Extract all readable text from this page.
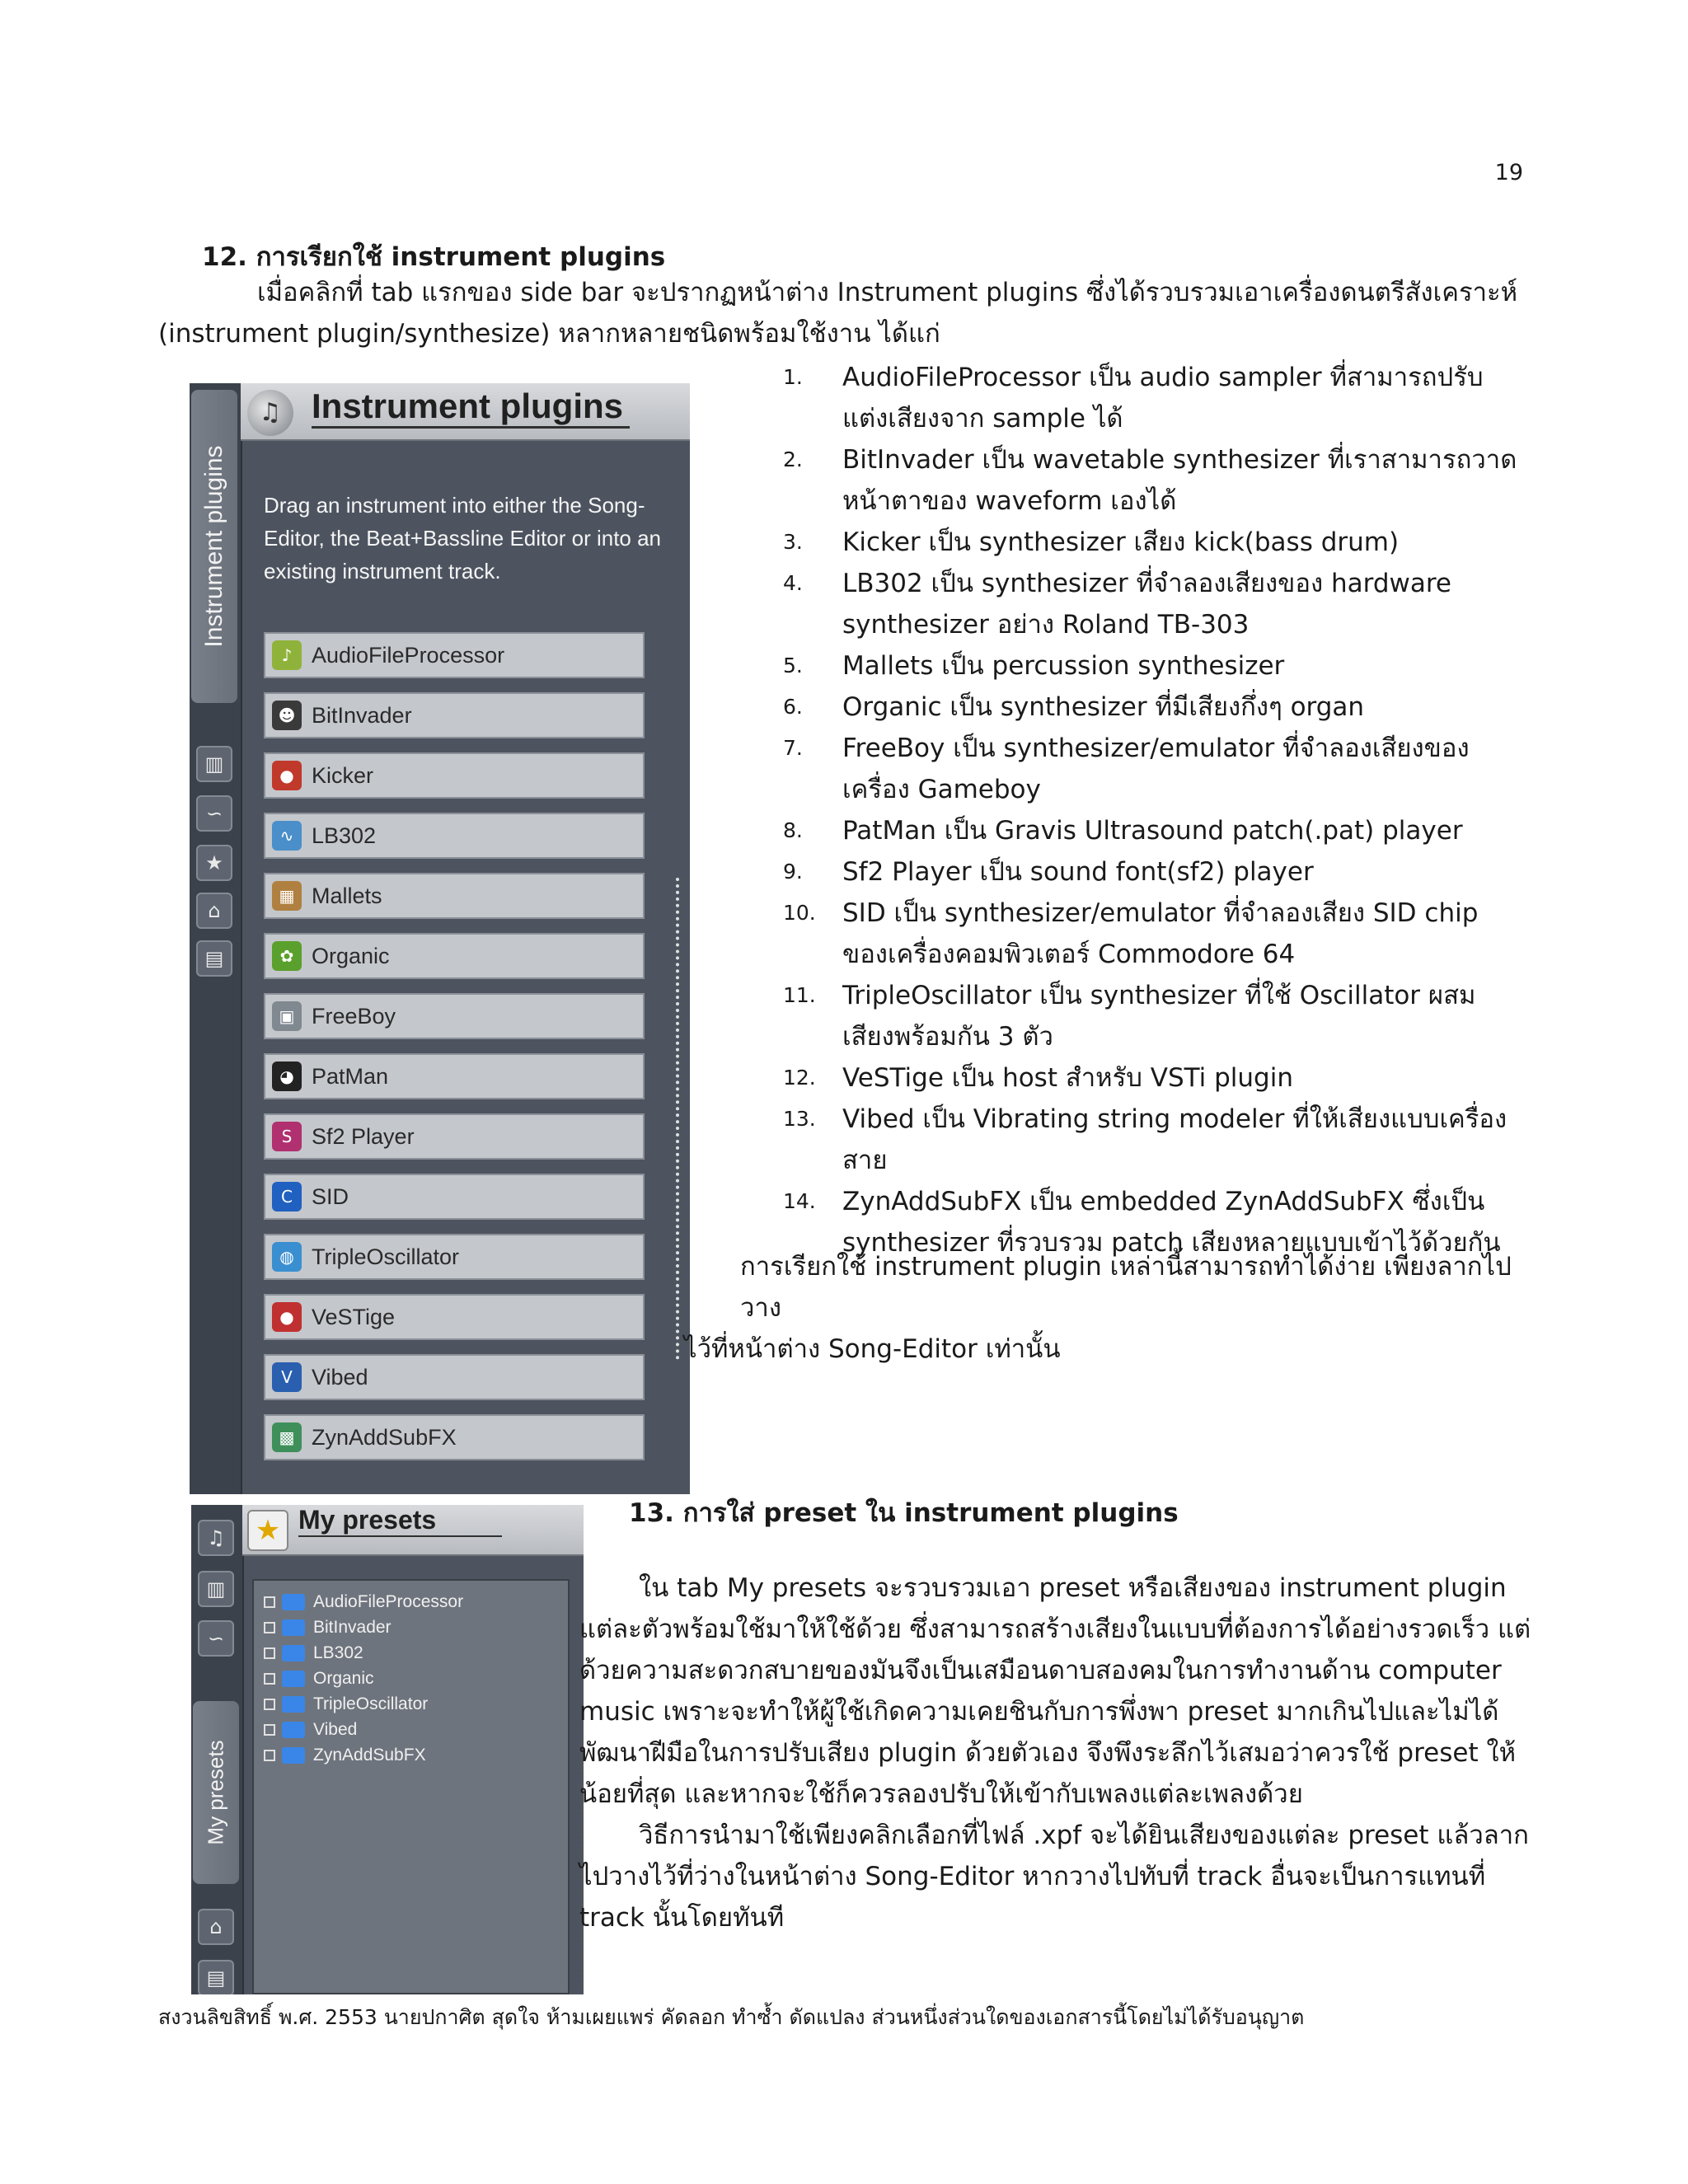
19
12. การเรียกใช้ instrument plugins

เมื่อคลิกที่ tab แรกของ side bar จะปรากฏหน้าต่าง Instrument plugins ซึ่งได้รวบรวมเอาเครื่องดนตรีสังเคราะห์

(instrument plugin/synthesize) หลากหลายชนิดพร้อมใช้งาน ได้แก่

Instrument plugins
▥
∽
★
⌂
▤
♫ Instrument plugins
Drag an instrument into either the Song-Editor, the Beat+Bassline Editor or into an existing instrument track.
♪ AudioFileProcessor
☻ BitInvader
● Kicker
∿ LB302
▦ Mallets
✿ Organic
▣ FreeBoy
◕ PatMan
S Sf2 Player
C SID
◍ TripleOscillator
● VeSTige
V Vibed
▩ ZynAddSubFX
1. AudioFileProcessor เป็น audio sampler ที่สามารถปรับแต่งเสียงจาก sample ได้
2. BitInvader เป็น wavetable synthesizer ที่เราสามารถวาดหน้าตาของ waveform เองได้
3. Kicker เป็น synthesizer เสียง kick(bass drum)
4. LB302 เป็น synthesizer ที่จำลองเสียงของ hardware synthesizer อย่าง Roland TB-303
5. Mallets เป็น percussion synthesizer
6. Organic เป็น synthesizer ที่มีเสียงกึ่งๆ organ
7. FreeBoy เป็น synthesizer/emulator ที่จำลองเสียงของเครื่อง Gameboy
8. PatMan เป็น Gravis Ultrasound patch(.pat) player
9. Sf2 Player เป็น sound font(sf2) player
10. SID เป็น synthesizer/emulator ที่จำลองเสียง SID chip ของเครื่องคอมพิวเตอร์ Commodore 64
11. TripleOscillator เป็น synthesizer ที่ใช้ Oscillator ผสมเสียงพร้อมกัน 3 ตัว
12. VeSTige เป็น host สำหรับ VSTi plugin
13. Vibed เป็น Vibrating string modeler ที่ให้เสียงแบบเครื่องสาย
14. ZynAddSubFX เป็น embedded ZynAddSubFX ซึ่งเป็น synthesizer ที่รวบรวม patch เสียงหลายแบบเข้าไว้ด้วยกัน

การเรียกใช้ instrument plugin เหล่านี้สามารถทำได้ง่าย เพียงลากไปวาง

ไว้ที่หน้าต่าง Song-Editor เท่านั้น

My presets
♫
▥
∽
⌂
▤
★ My presets
AudioFileProcessor
BitInvader
LB302
Organic
TripleOscillator
Vibed
ZynAddSubFX
13. การใส่ preset ใน instrument plugins

ใน tab My presets จะรวบรวมเอา preset หรือเสียงของ instrument plugin

แต่ละตัวพร้อมใช้มาให้ใช้ด้วย ซึ่งสามารถสร้างเสียงในแบบที่ต้องการได้อย่างรวดเร็ว แต่

ด้วยความสะดวกสบายของมันจึงเป็นเสมือนดาบสองคมในการทำงานด้าน computer

music เพราะจะทำให้ผู้ใช้เกิดความเคยชินกับการพึ่งพา preset มากเกินไปและไม่ได้

พัฒนาฝีมือในการปรับเสียง plugin ด้วยตัวเอง จึงพึงระลึกไว้เสมอว่าควรใช้ preset ให้

น้อยที่สุด และหากจะใช้ก็ควรลองปรับให้เข้ากับเพลงแต่ละเพลงด้วย

วิธีการนำมาใช้เพียงคลิกเลือกที่ไฟล์ .xpf จะได้ยินเสียงของแต่ละ preset แล้วลาก

ไปวางไว้ที่ว่างในหน้าต่าง Song-Editor หากวางไปทับที่ track อื่นจะเป็นการแทนที่

track นั้นโดยทันที

สงวนลิขสิทธิ์ พ.ศ. 2553 นายปกาศิต สุดใจ ห้ามเผยแพร่ คัดลอก ทำซ้ำ ดัดแปลง ส่วนหนึ่งส่วนใดของเอกสารนี้โดยไม่ได้รับอนุญาต
